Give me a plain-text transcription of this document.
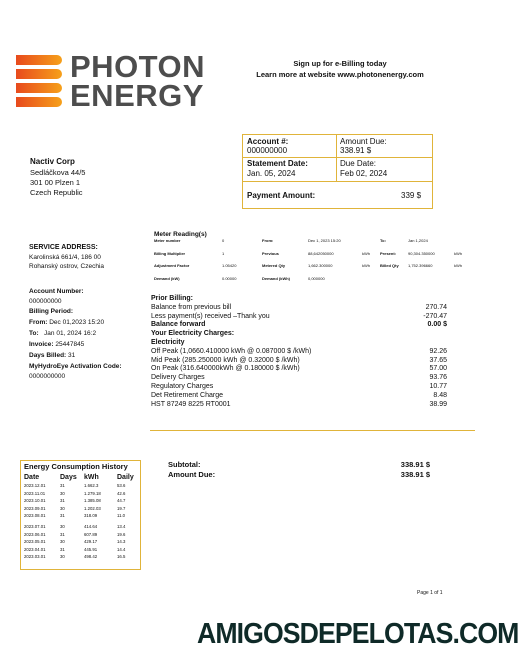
PHOTON
ENERGY
Sign up for e-Billing today
Learn more at website www.photonenergy.com
Account #:
000000000
Amount Due:
338.91 $
Statement Date:
Jan. 05, 2024
Due Date:
Feb 02, 2024
Payment Amount:	339 $
Nactiv Corp
Sedláčkova 44/5
301 00 Plzen 1
Czech Republic
SERVICE ADDRESS:
Karolinská 661/4, 186 00
Rohanský ostrov, Czechia
Account Number:
000000000
Billing Period:
From: Dec 01,2023 15:20
To: Jan 01, 2024 16:2
Invoice: 25447845
Days Billed: 31
MyHydroEye Activation Code:
0000000000
Meter Reading(s)
Meter number	0	From:	Dec 1, 2023 15:20	To:	Jan 1,2024
Billing Multiplier	1	Previous	88,642050000	kWh	Present:	90,304.350000	kWh
Adjustment Factor	1.05420	Metered Qty	1,662.300000	kWh	Billed Qty 1,752.396660	kWh
Demand (kW)	0.00000	Demand (kWh)	0,000000
Prior Billing:
Balance from previous bill	270.74
Less payment(s) received –Thank you	-270.47
Balance forward	0.00 $
Your Electricity Charges:
Electricity
Off Peak (1,0660.410000 kWh @ 0.087000 $ /kWh)	92.26
Mid Peak (285.250000 kWh @ 0.32000 $ /kWh)	37.65
On Peak (316.640000kWh @ 0.180000 $ /kWh)	57.00
Delivery Charges	93.76
Regulatory Charges	10.77
Det Retirement Charge	8.48
HST 87249 8225 RT0001	38.99
Subtotal:	338.91 $
Amount Due:	338.91 $
Energy Consumption History
Date	Days	kWh	Daily
2023.12.01	31	1.662.3	53.6
2023.11.01	30	1.279.18	42.6
2023.10.01	31	1.385.08	44.7
2023.09.01	30	1.202.03	19.7
2023.08.01	31	318.09	11.0
2023.07.01	30	414.64	13.4
2023.06.01	31	607.89	19.6
2023.05.01	30	429.17	14.3
2023.04.01	31	445.91	14.4
2023.03.01	30	498.42	16.5
Page 1 of 1
AMIGOSDEPELOTAS.COM
